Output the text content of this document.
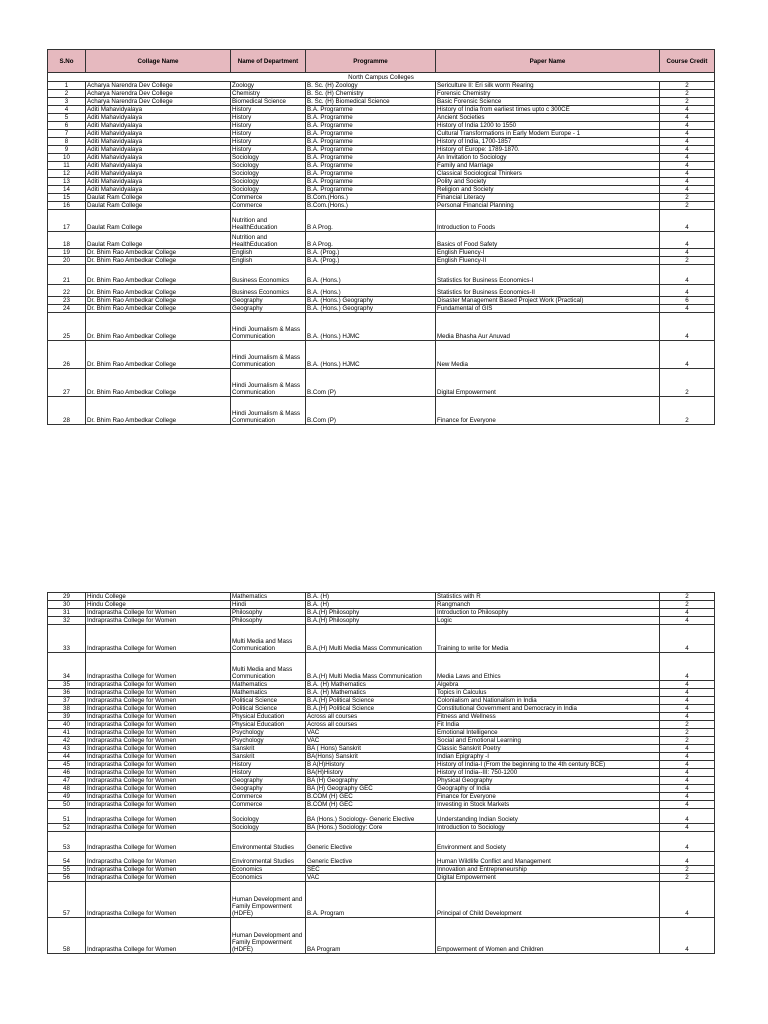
S.No	Collage Name	Name of Department	Programme	Paper Name	Course Credit
North Campus Colleges					
1	Acharya Narendra Dev College	Zoology	B. Sc. (H) Zoology	Sericulture II: Eri silk worm Rearing	2
2	Acharya Narendra Dev College	Chemistry	B. Sc. (H) Chemistry	Forensic Chemistry	2
3	Acharya Narendra Dev College	Biomedical Science	B. Sc. (H) Biomedical Science	Basic Forensic Science	2
4	Aditi Mahavidyalaya	History	B.A. Programme	History of India from earliest times upto c 300CE	4
5	Aditi Mahavidyalaya	History	B.A. Programme	Ancient Societies	4
6	Aditi Mahavidyalaya	History	B.A. Programme	History of India 1200 to 1550	4
7	Aditi Mahavidyalaya	History	B.A. Programme	Cultural Transformations in Early Modern Europe - 1	4
8	Aditi Mahavidyalaya	History	B.A. Programme	History of India, 1700-1857	4
9	Aditi Mahavidyalaya	History	B.A. Programme	History of Europe: 1789-1870.	4
10	Aditi Mahavidyalaya	Sociology	B.A. Programme	An Invitation to Sociology	4
11	Aditi Mahavidyalaya	Sociology	B.A. Programme	Family and Marriage	4
12	Aditi Mahavidyalaya	Sociology	B.A. Programme	Classical Sociological Thinkers	4
13	Aditi Mahavidyalaya	Sociology	B.A. Programme	Polity and Society	4
14	Aditi Mahavidyalaya	Sociology	B.A. Programme	Religion and Society	4
15	Daulat Ram College	Commerce	B.Com.(Hons.)	Financial Literacy	2
16	Daulat Ram College	Commerce	B.Com.(Hons.)	Personal Financial Planning	2
17	Daulat Ram College	Nutrition and HealthEducation	B A Prog.	Introduction to Foods	4
18	Daulat Ram College	Nutrition and HealthEducation	B A Prog.	Basics of Food Safety	4
19	Dr. Bhim Rao Ambedkar College	English	B.A. (Prog.)	English Fluency-I	4
20	Dr. Bhim Rao Ambedkar College	English	B.A. (Prog.)	English Fluency-II	2
21	Dr. Bhim Rao Ambedkar College	Business Economics	B.A. (Hons.)	Statistics for Business Economics-I	4
22	Dr. Bhim Rao Ambedkar College	Business Economics	B.A. (Hons.)	Statistics for Business Economics-II	4
23	Dr. Bhim Rao Ambedkar College	Geography	B.A. (Hons.) Geography	Disaster Management Based Project Work (Practical)	6
24	Dr. Bhim Rao Ambedkar College	Geography	B.A. (Hons.) Geography	Fundamental of GIS	4
25	Dr. Bhim Rao Ambedkar College	Hindi Journalism & Mass Communication	B.A. (Hons.) HJMC	Media Bhasha Aur Anuvad	4
26	Dr. Bhim Rao Ambedkar College	Hindi Journalism & Mass Communication	B.A. (Hons.) HJMC	New Media	4
27	Dr. Bhim Rao Ambedkar College	Hindi Journalism & Mass Communication	B.Com (P)	Digital Empowerment	2
28	Dr. Bhim Rao Ambedkar College	Hindi Journalism & Mass Communication	B.Com (P)	Finance for Everyone	2
29	Hindu College	Mathematics	B.A. (H)	Statistics with R	2
30	Hindu College	Hindi	B.A. (H)	Rangmanch	2
31	Indraprastha College for Women	Philosophy	B.A.(H) Philosophy	Introduction to Philosophy	4
32	Indraprastha College for Women	Philosophy	B.A.(H) Philosophy	Logic	4
33	Indraprastha College for Women	Multi Media and Mass Communication	B.A.(H) Multi Media Mass Communication	Training to write for Media	4
34	Indraprastha College for Women	Multi Media and Mass Communication	B.A.(H) Multi Media Mass Communication	Media Laws and Ethics	4
35	Indraprastha College for Women	Mathematics	B.A. (H) Mathematics	Algebra	4
36	Indraprastha College for Women	Mathematics	B.A. (H) Mathematics	Topics in Calculus	4
37	Indraprastha College for Women	Political Science	B.A.(H) Political Science	Colonialism and Nationalism in India	4
38	Indraprastha College for Women	Political Science	B.A.(H) Political Science	Constitutional Government and Democracy in India	4
39	Indraprastha College for Women	Physical Education	Across all courses	Fitness and Wellness	4
40	Indraprastha College for Women	Physical Education	Across all courses	Fit India	2
41	Indraprastha College for Women	Psychology	VAC	Emotional Intelligence	2
42	Indraprastha College for Women	Psychology	VAC	Social and Emotional Learning	2
43	Indraprastha College for Women	Sanskrit	BA ( Hons) Sanskrit	Classic Sanskrit Poetry	4
44	Indraprastha College for Women	Sanskrit	BA(Hons) Sanskrit	Indian Epigraphy -I	4
45	Indraprastha College for Women	History	B A(H)History	History of India-I (From the beginning to the 4th century BCE)	4
46	Indraprastha College for Women	History	BA(H)History	History of India--III: 750-1200	4
47	Indraprastha College for Women	Geography	BA (H) Geography	Physical Geography	4
48	Indraprastha College for Women	Geography	BA (H) Geography GEC	Geography of India	4
49	Indraprastha College for Women	Commerce	B.COM (H) GEC	Finance for Everyone	4
50	Indraprastha College for Women	Commerce	B.COM (H) GEC	Investing in Stock Markets	4
51	Indraprastha College for Women	Sociology	BA (Hons.) Sociology- Generic Elective	Understanding Indian Society	4
52	Indraprastha College for Women	Sociology	BA (Hons.) Sociology: Core	Introduction to Sociology	4
53	Indraprastha College for Women	Environmental Studies	Generic Elective	Environment and Society	4
54	Indraprastha College for Women	Environmental Studies	Generic Elective	Human Wildlife Conflict and Management	4
55	Indraprastha College for Women	Economics	SEC	Innovation and Entrepreneurship	2
56	Indraprastha College for Women	Economics	VAC	Digital Empowerment	2
57	Indraprastha College for Women	Human Development and Family Empowerment (HDFE)	B.A. Program	Principal of Child Development	4
58	Indraprastha College for Women	Human Development and Family Empowerment (HDFE)	BA Program	Empowerment of Women and Children	4
